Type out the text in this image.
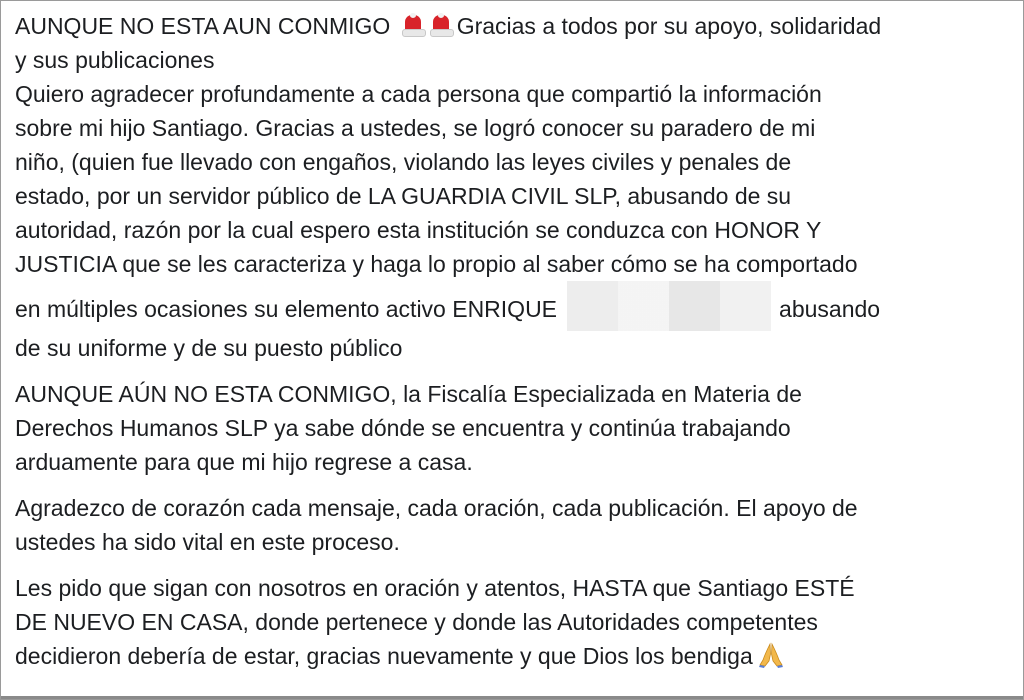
AUNQUE NO ESTA AUN CONMIGO	Gracias a todos por su apoyo, solidaridad
y sus publicaciones
Quiero agradecer profundamente a cada persona que compartió la información
sobre mi hijo Santiago. Gracias a ustedes, se logró conocer su paradero de mi
niño, (quien fue llevado con engaños, violando las leyes civiles y penales de
estado, por un servidor público de LA GUARDIA CIVIL SLP, abusando de su
autoridad, razón por la cual espero esta institución se conduzca con HONOR Y
JUSTICIA que se les caracteriza y haga lo propio al saber cómo se ha comportado
en múltiples ocasiones su elemento activo ENRIQUE	abusando
de su uniforme y de su puesto público

AUNQUE AÚN NO ESTA CONMIGO, la Fiscalía Especializada en Materia de
Derechos Humanos SLP ya sabe dónde se encuentra y continúa trabajando
arduamente para que mi hijo regrese a casa.

Agradezco de corazón cada mensaje, cada oración, cada publicación. El apoyo de
ustedes ha sido vital en este proceso.

Les pido que sigan con nosotros en oración y atentos, HASTA que Santiago ESTÉ
DE NUEVO EN CASA, donde pertenece y donde las Autoridades competentes
decidieron debería de estar, gracias nuevamente y que Dios los bendiga
